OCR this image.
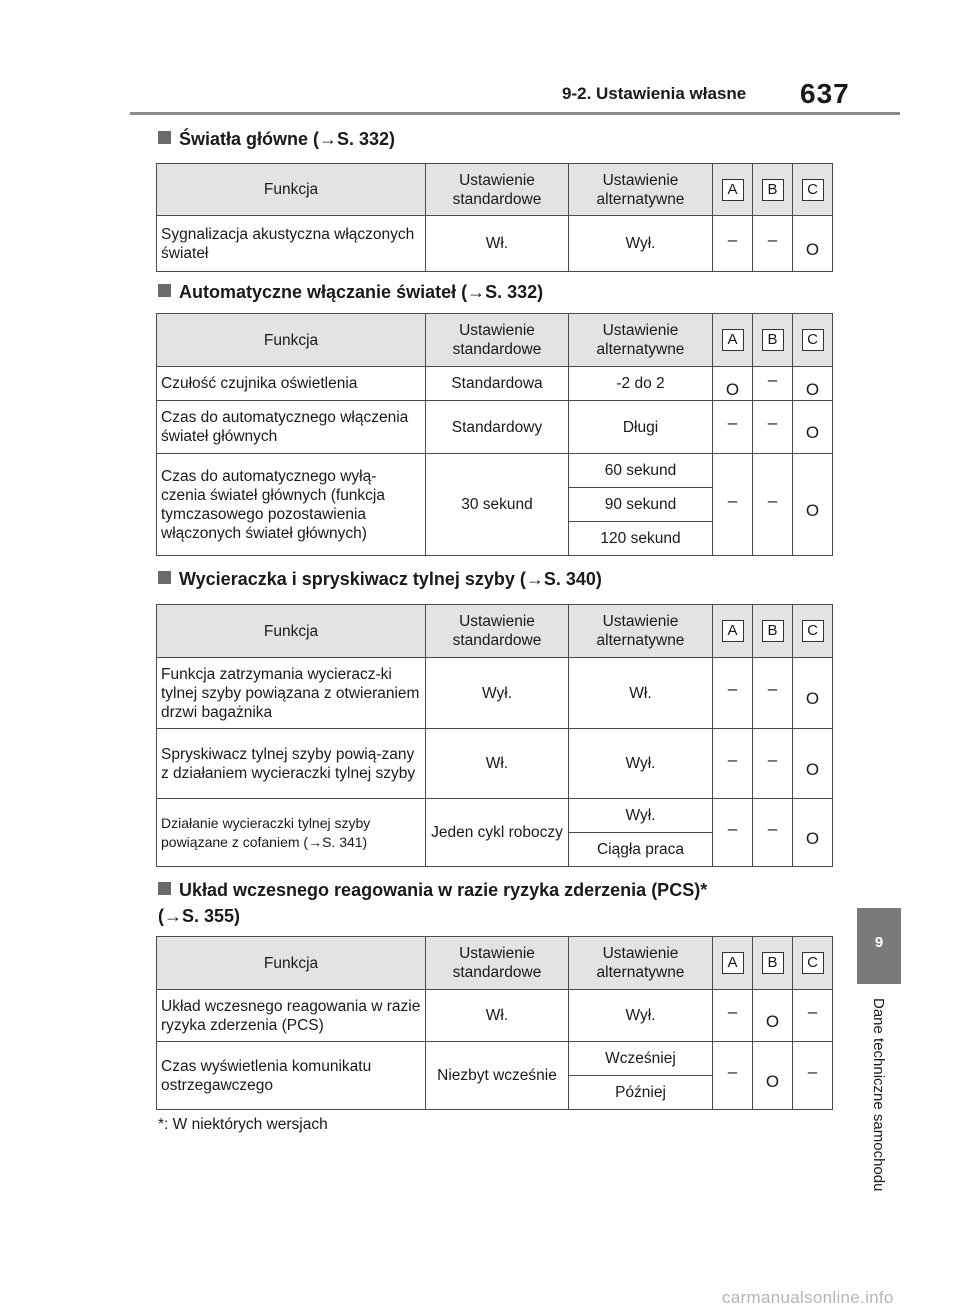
9-2. Ustawienia własne 637
9
Dane techniczne samochodu
Światła główne (→S. 332)
Funkcja	Ustawienie standardowe	Ustawienie alternatywne	A	B	C
Sygnalizacja akustyczna włączonych świateł	Wł.	Wył.	–	–	O
Automatyczne włączanie świateł (→S. 332)
Funkcja	Ustawienie standardowe	Ustawienie alternatywne	A	B	C
Czułość czujnika oświetlenia	Standardowa	-2 do 2	O	–	O
Czas do automatycznego włączenia świateł głównych	Standardowy	Długi	–	–	O
Czas do automatycznego wyłą-czenia świateł głównych (funkcja tymczasowego pozostawienia włączonych świateł głównych)	30 sekund	60 sekund	–	–	O
		90 sekund			
		120 sekund			
Wycieraczka i spryskiwacz tylnej szyby (→S. 340)
Funkcja	Ustawienie standardowe	Ustawienie alternatywne	A	B	C
Funkcja zatrzymania wycieracz-ki tylnej szyby powiązana z otwieraniem drzwi bagażnika	Wył.	Wł.	–	–	O
Spryskiwacz tylnej szyby powią-zany z działaniem wycieraczki tylnej szyby	Wł.	Wył.	–	–	O
Działanie wycieraczki tylnej szyby powiązane z cofaniem (→S. 341)	Jeden cykl roboczy	Wył.	–	–	O
		Ciągła praca			
Układ wczesnego reagowania w razie ryzyka zderzenia (PCS)*
(→S. 355)
Funkcja	Ustawienie standardowe	Ustawienie alternatywne	A	B	C
Układ wczesnego reagowania w razie ryzyka zderzenia (PCS)	Wł.	Wył.	–	O	–
Czas wyświetlenia komunikatu ostrzegawczego	Niezbyt wcześnie	Wcześniej	–	O	–
		Później			
*: W niektórych wersjach
carmanualsonline.info
